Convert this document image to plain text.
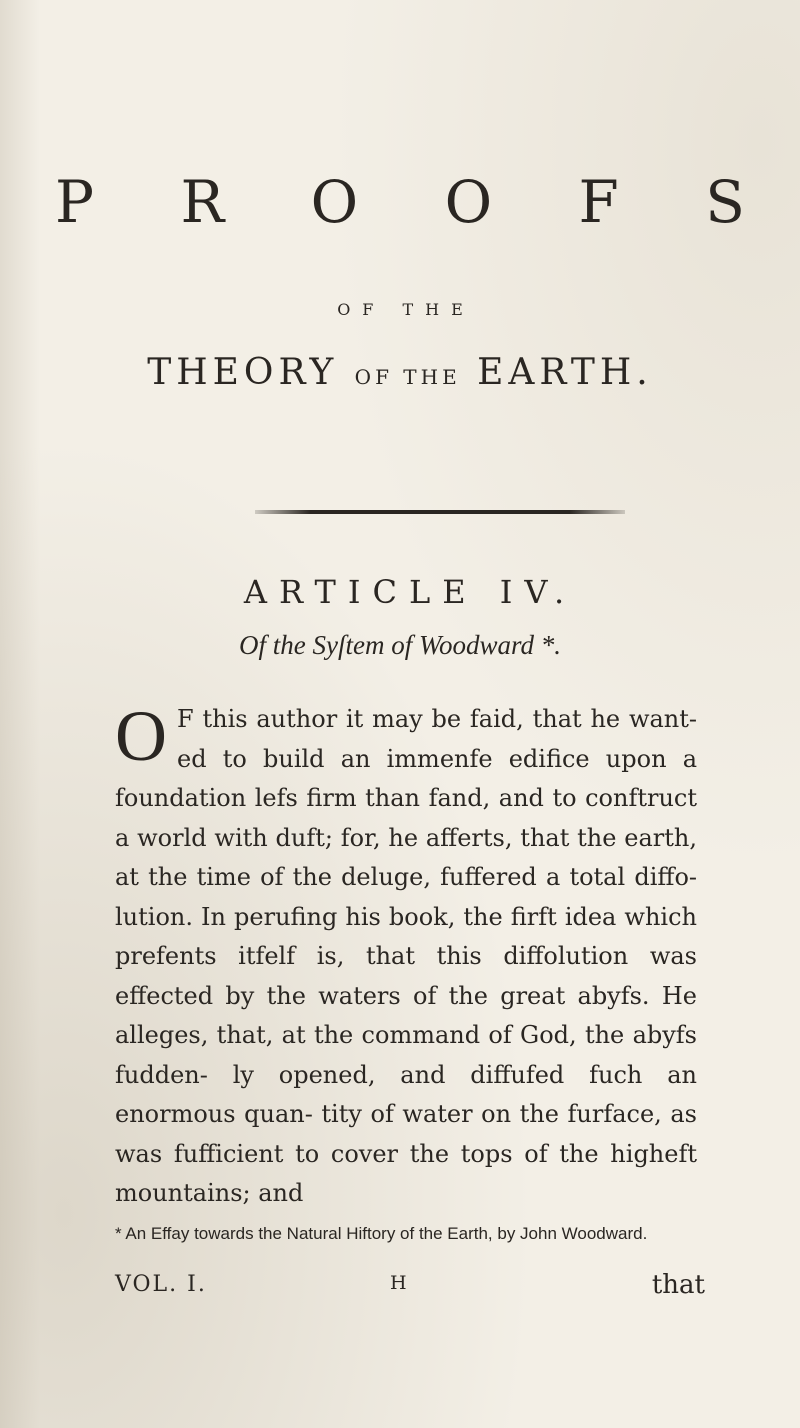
P R O O F S
OF THE
THEORY OF THE EARTH.
ARTICLE IV.
Of the Syſtem of Woodward *.
O F this author it may be faid, that he want- ed to build an immenfe edifice upon a foundation lefs firm than fand, and to conftruct a world with duft; for, he afferts, that the earth, at the time of the deluge, fuffered a total diffo- lution. In perufing his book, the firft idea which prefents itfelf is, that this diffolution was effected by the waters of the great abyfs. He alleges, that, at the command of God, the abyfs fudden- ly opened, and diffufed fuch an enormous quan- tity of water on the furface, as was fufficient to cover the tops of the higheft mountains; and
* An Effay towards the Natural Hiftory of the Earth, by John Woodward.
VOL. I.	H	that
